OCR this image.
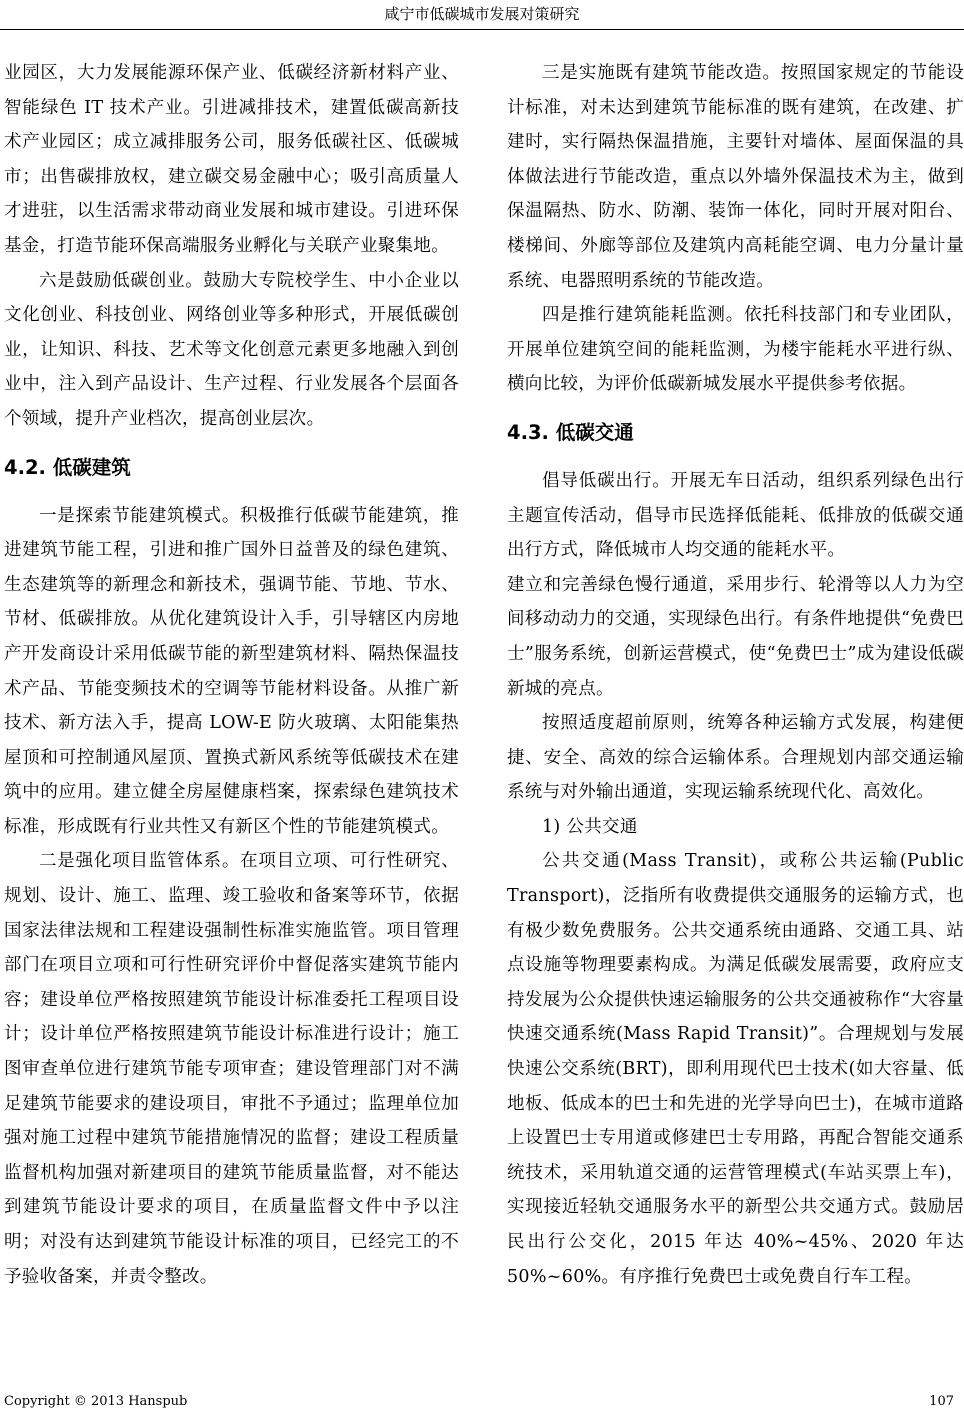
咸宁市低碳城市发展对策研究

业园区，大力发展能源环保产业、低碳经济新材料产业、智能绿色 IT 技术产业。引进减排技术，建置低碳高新技术产业园区；成立减排服务公司，服务低碳社区、低碳城市；出售碳排放权，建立碳交易金融中心；吸引高质量人才进驻，以生活需求带动商业发展和城市建设。引进环保基金，打造节能环保高端服务业孵化与关联产业聚集地。

六是鼓励低碳创业。鼓励大专院校学生、中小企业以文化创业、科技创业、网络创业等多种形式，开展低碳创业，让知识、科技、艺术等文化创意元素更多地融入到创业中，注入到产品设计、生产过程、行业发展各个层面各个领域，提升产业档次，提高创业层次。

4.2. 低碳建筑

一是探索节能建筑模式。积极推行低碳节能建筑，推进建筑节能工程，引进和推广国外日益普及的绿色建筑、生态建筑等的新理念和新技术，强调节能、节地、节水、节材、低碳排放。从优化建筑设计入手，引导辖区内房地产开发商设计采用低碳节能的新型建筑材料、隔热保温技术产品、节能变频技术的空调等节能材料设备。从推广新技术、新方法入手，提高 LOW-E 防火玻璃、太阳能集热屋顶和可控制通风屋顶、置换式新风系统等低碳技术在建筑中的应用。建立健全房屋健康档案，探索绿色建筑技术标准，形成既有行业共性又有新区个性的节能建筑模式。

二是强化项目监管体系。在项目立项、可行性研究、规划、设计、施工、监理、竣工验收和备案等环节，依据国家法律法规和工程建设强制性标准实施监管。项目管理部门在项目立项和可行性研究评价中督促落实建筑节能内容；建设单位严格按照建筑节能设计标准委托工程项目设计；设计单位严格按照建筑节能设计标准进行设计；施工图审查单位进行建筑节能专项审查；建设管理部门对不满足建筑节能要求的建设项目，审批不予通过；监理单位加强对施工过程中建筑节能措施情况的监督；建设工程质量监督机构加强对新建项目的建筑节能质量监督，对不能达到建筑节能设计要求的项目，在质量监督文件中予以注明；对没有达到建筑节能设计标准的项目，已经完工的不予验收备案，并责令整改。

三是实施既有建筑节能改造。按照国家规定的节能设计标准，对未达到建筑节能标准的既有建筑，在改建、扩建时，实行隔热保温措施，主要针对墙体、屋面保温的具体做法进行节能改造，重点以外墙外保温技术为主，做到保温隔热、防水、防潮、装饰一体化，同时开展对阳台、楼梯间、外廊等部位及建筑内高耗能空调、电力分量计量系统、电器照明系统的节能改造。

四是推行建筑能耗监测。依托科技部门和专业团队，开展单位建筑空间的能耗监测，为楼宇能耗水平进行纵、横向比较，为评价低碳新城发展水平提供参考依据。

4.3. 低碳交通

倡导低碳出行。开展无车日活动，组织系列绿色出行主题宣传活动，倡导市民选择低能耗、低排放的低碳交通出行方式，降低城市人均交通的能耗水平。

建立和完善绿色慢行通道，采用步行、轮滑等以人力为空间移动动力的交通，实现绿色出行。有条件地提供“免费巴士”服务系统，创新运营模式，使“免费巴士”成为建设低碳新城的亮点。

按照适度超前原则，统筹各种运输方式发展，构建便捷、安全、高效的综合运输体系。合理规划内部交通运输系统与对外输出通道，实现运输系统现代化、高效化。

1) 公共交通

公共交通(Mass Transit)，或称公共运输(Public Transport)，泛指所有收费提供交通服务的运输方式，也有极少数免费服务。公共交通系统由通路、交通工具、站点设施等物理要素构成。为满足低碳发展需要，政府应支持发展为公众提供快速运输服务的公共交通被称作“大容量快速交通系统(Mass Rapid Transit)”。合理规划与发展快速公交系统(BRT)，即利用现代巴士技术(如大容量、低地板、低成本的巴士和先进的光学导向巴士)，在城市道路上设置巴士专用道或修建巴士专用路，再配合智能交通系统技术，采用轨道交通的运营管理模式(车站买票上车)，实现接近轻轨交通服务水平的新型公共交通方式。鼓励居民出行公交化，2015 年达 40%~45%、2020 年达 50%~60%。有序推行免费巴士或免费自行车工程。

Copyright © 2013 Hanspub	107
